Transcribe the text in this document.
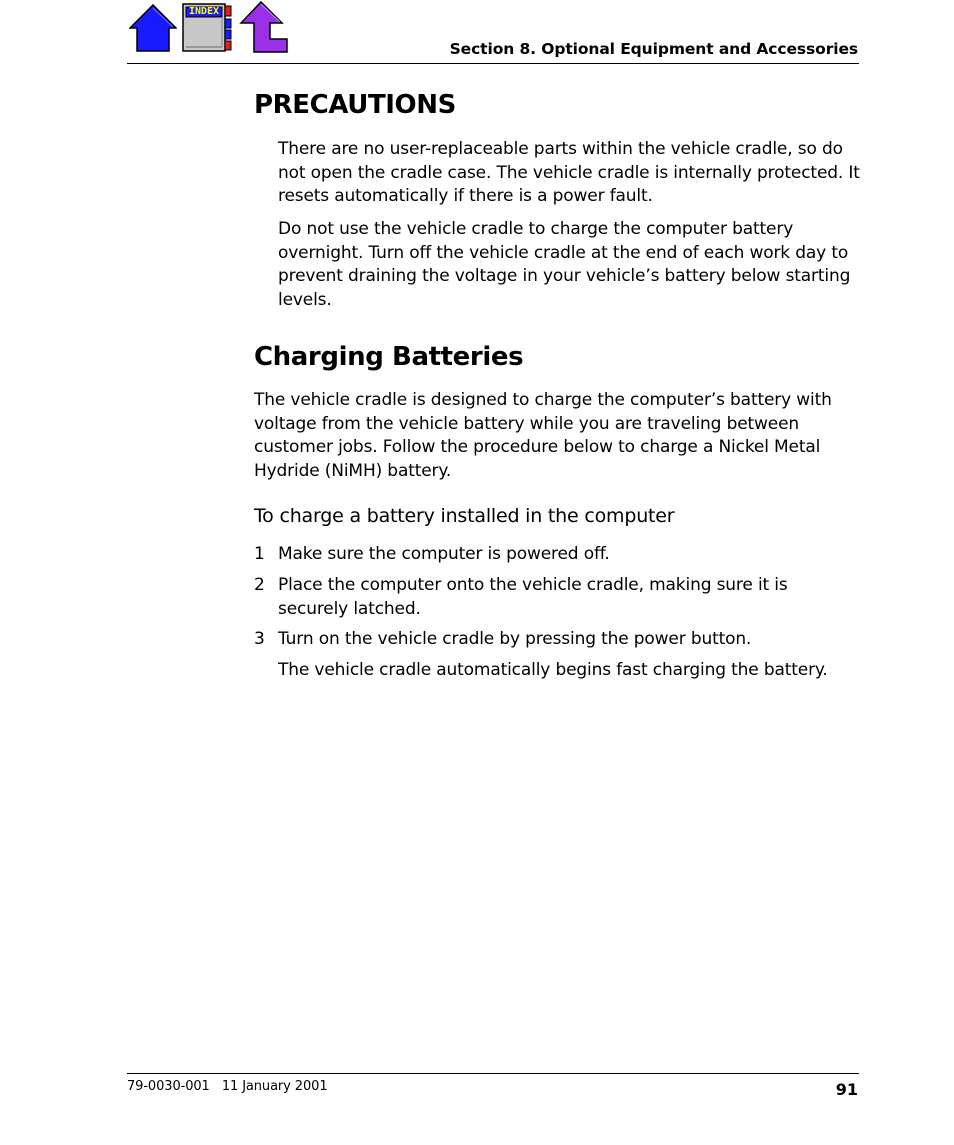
INDEX
Section 8. Optional Equipment and Accessories
PRECAUTIONS

There are no user-replaceable parts within the vehicle cradle, so do not open the cradle case. The vehicle cradle is internally protected. It resets automatically if there is a power fault.

Do not use the vehicle cradle to charge the computer battery overnight. Turn off the vehicle cradle at the end of each work day to prevent draining the voltage in your vehicle’s battery below starting levels.

Charging Batteries

The vehicle cradle is designed to charge the computer’s battery with voltage from the vehicle battery while you are traveling between customer jobs. Follow the procedure below to charge a Nickel Metal Hydride (NiMH) battery.

To charge a battery installed in the computer
1 Make sure the computer is powered off.
2 Place the computer onto the vehicle cradle, making sure it is securely latched.
3 Turn on the vehicle cradle by pressing the power button.

The vehicle cradle automatically begins fast charging the battery.

79-0030-001   11 January 2001	91
